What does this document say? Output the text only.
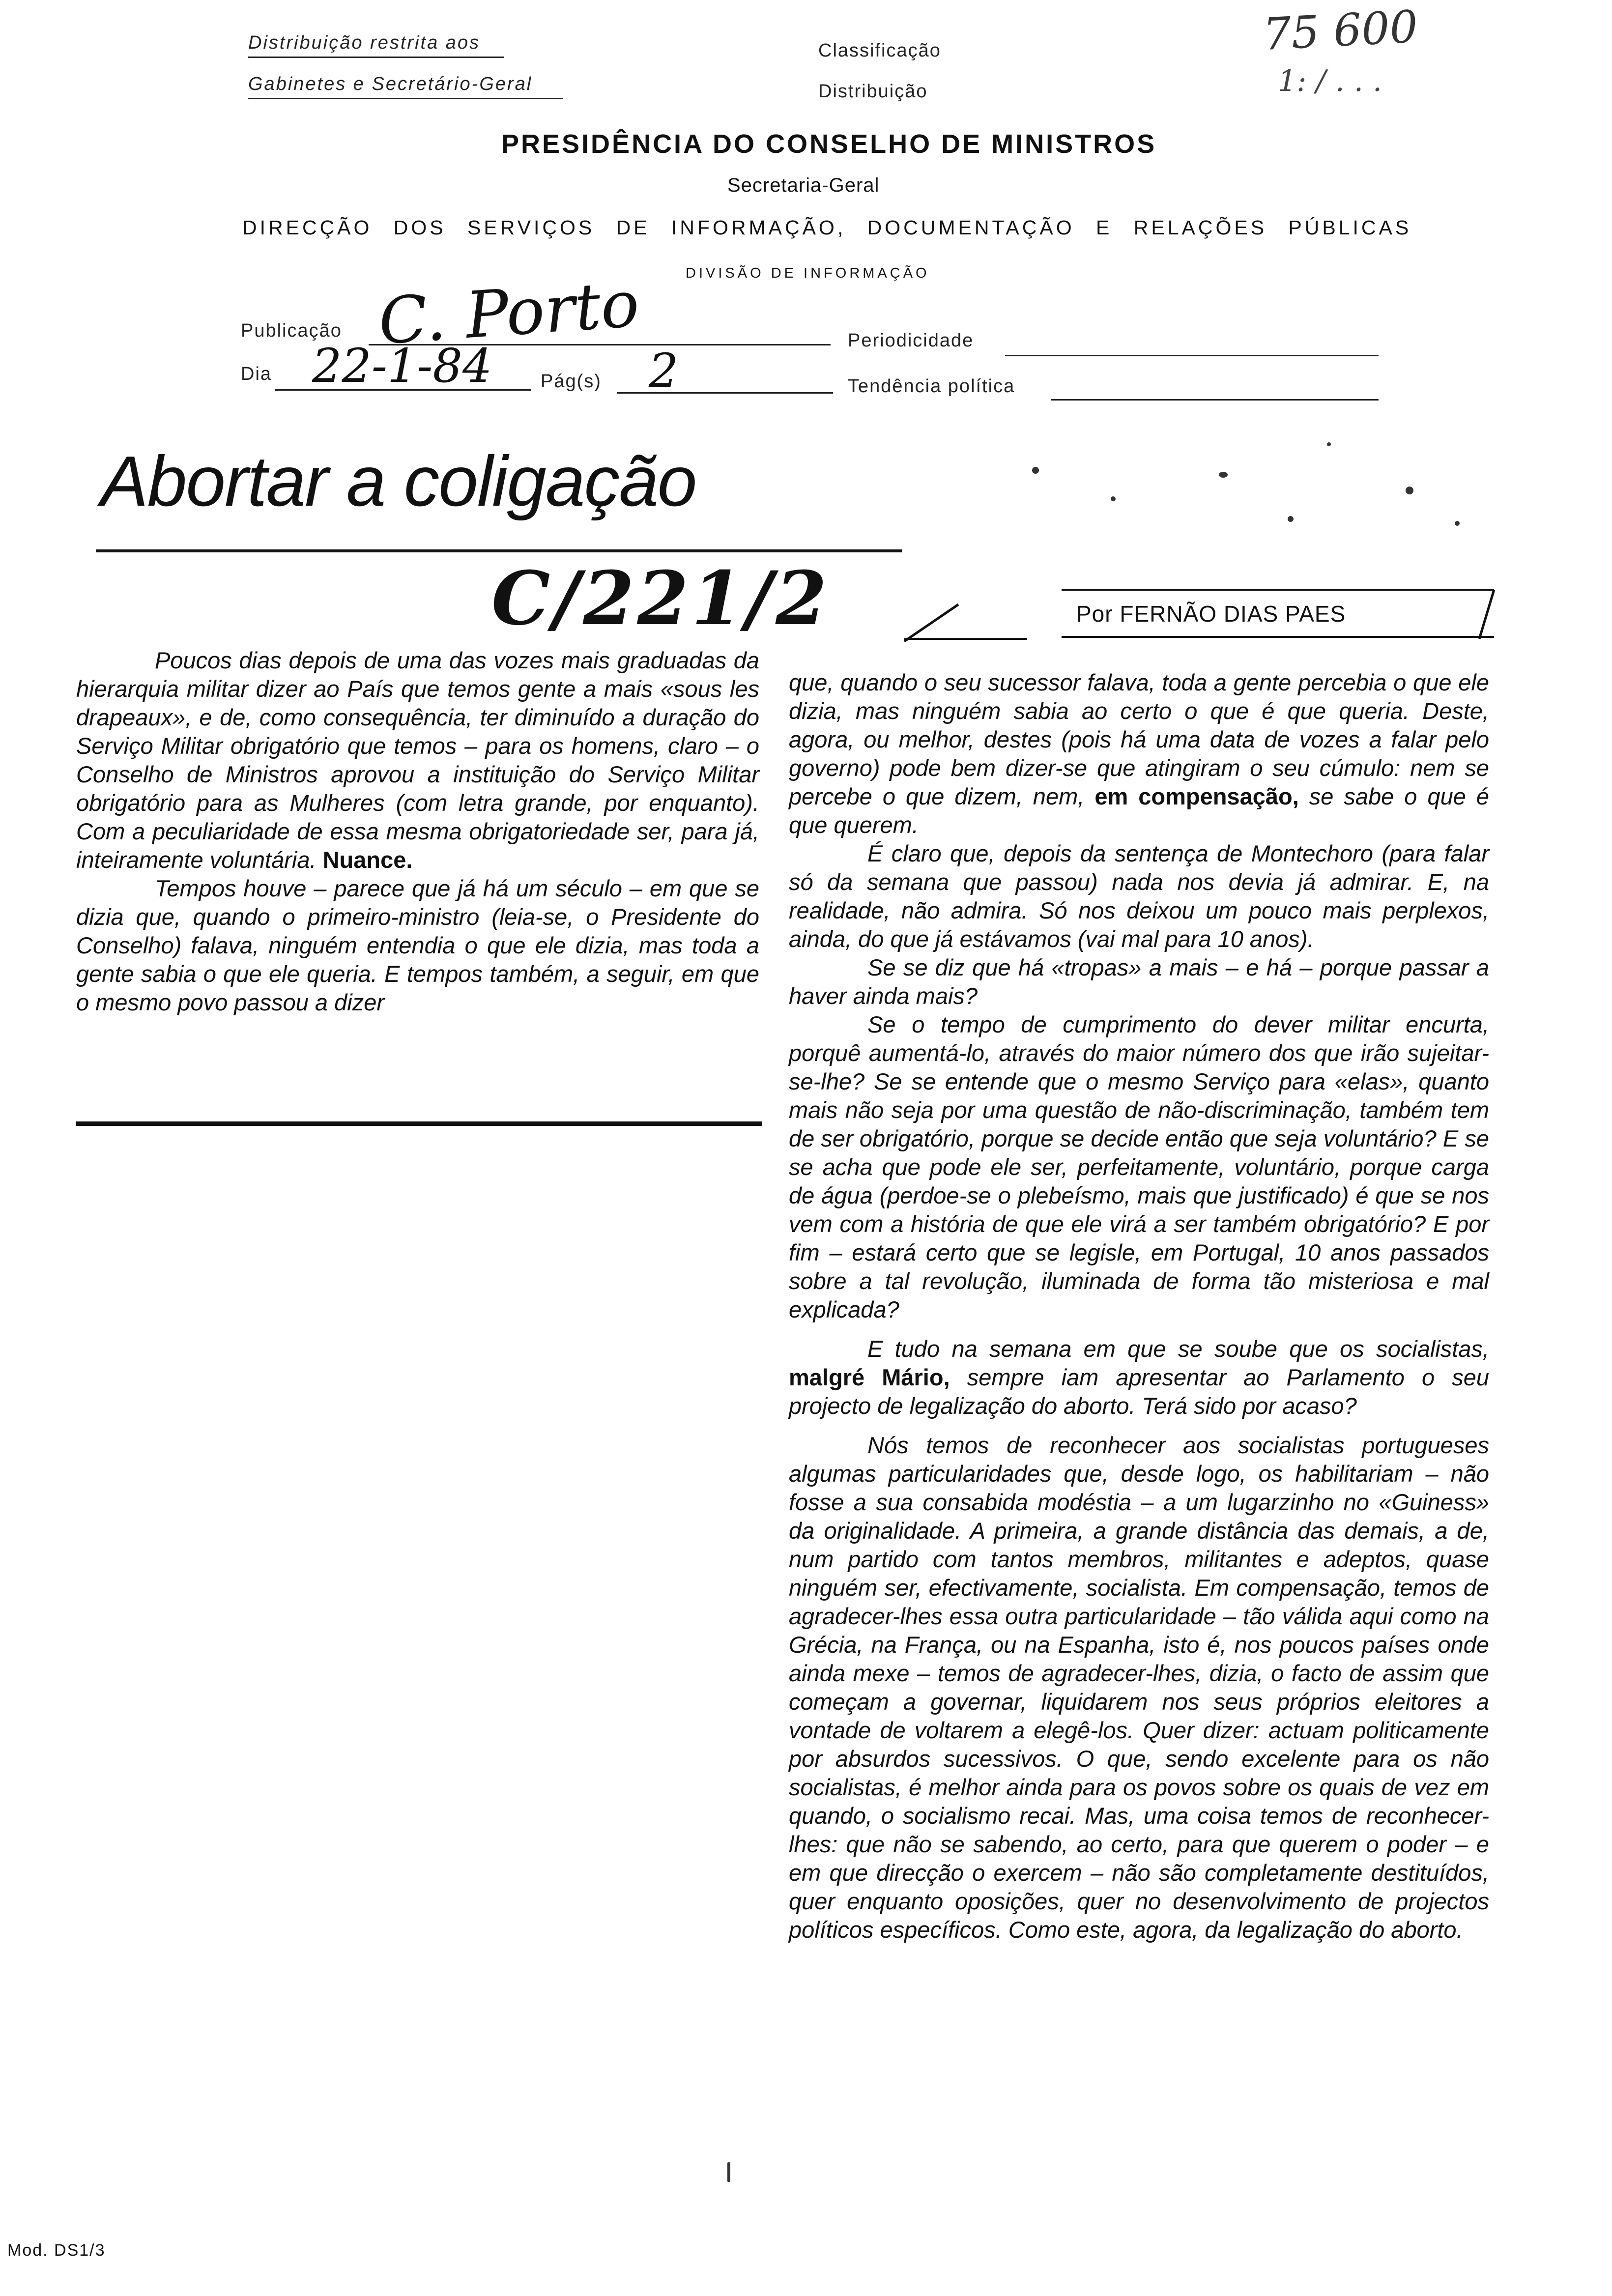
Distribuição restrita aos
Gabinetes e Secretário-Geral
Classificação
Distribuição
75 600
1: / . . .
PRESIDÊNCIA DO CONSELHO DE MINISTROS
Secretaria-Geral
DIRECÇÃO DOS SERVIÇOS DE INFORMAÇÃO, DOCUMENTAÇÃO E RELAÇÕES PÚBLICAS
DIVISÃO DE INFORMAÇÃO
Publicação C. Porto	Periodicidade
Dia 22-1-84	Pág(s) 2	Tendência política
Abortar a coligação
C/221/2	Por FERNÃO DIAS PAES

Poucos dias depois de uma das vozes mais graduadas da hierarquia militar dizer ao País que temos gente a mais «sous les drapeaux», e de, como consequência, ter diminuído a duração do Serviço Militar obrigatório que temos – para os homens, claro – o Conselho de Ministros aprovou a instituição do Serviço Militar obrigatório para as Mulheres (com letra grande, por enquanto). Com a peculiaridade de essa mesma obrigatoriedade ser, para já, inteiramente voluntária. Nuance.

Tempos houve – parece que já há um século – em que se dizia que, quando o primeiro-ministro (leia-se, o Presidente do Conselho) falava, ninguém entendia o que ele dizia, mas toda a gente sabia o que ele queria. E tempos também, a seguir, em que o mesmo povo passou a dizer

que, quando o seu sucessor falava, toda a gente percebia o que ele dizia, mas ninguém sabia ao certo o que é que queria. Deste, agora, ou melhor, destes (pois há uma data de vozes a falar pelo governo) pode bem dizer-se que atingiram o seu cúmulo: nem se percebe o que dizem, nem, em compensação, se sabe o que é que querem.

É claro que, depois da sentença de Montechoro (para falar só da semana que passou) nada nos devia já admirar. E, na realidade, não admira. Só nos deixou um pouco mais perplexos, ainda, do que já estávamos (vai mal para 10 anos).

Se se diz que há «tropas» a mais – e há – porque passar a haver ainda mais?

Se o tempo de cumprimento do dever militar encurta, porquê aumentá-lo, através do maior número dos que irão sujeitar-se-lhe? Se se entende que o mesmo Serviço para «elas», quanto mais não seja por uma questão de não-discriminação, também tem de ser obrigatório, porque se decide então que seja voluntário? E se se acha que pode ele ser, perfeitamente, voluntário, porque carga de água (perdoe-se o plebeísmo, mais que justificado) é que se nos vem com a história de que ele virá a ser também obrigatório? E por fim – estará certo que se legisle, em Portugal, 10 anos passados sobre a tal revolução, iluminada de forma tão misteriosa e mal explicada?

E tudo na semana em que se soube que os socialistas, malgré Mário, sempre iam apresentar ao Parlamento o seu projecto de legalização do aborto. Terá sido por acaso?

Nós temos de reconhecer aos socialistas portugueses algumas particularidades que, desde logo, os habilitariam – não fosse a sua consabida modéstia – a um lugarzinho no «Guiness» da originalidade. A primeira, a grande distância das demais, a de, num partido com tantos membros, militantes e adeptos, quase ninguém ser, efectivamente, socialista. Em compensação, temos de agradecer-lhes essa outra particularidade – tão válida aqui como na Grécia, na França, ou na Espanha, isto é, nos poucos países onde ainda mexe – temos de agradecer-lhes, dizia, o facto de assim que começam a governar, liquidarem nos seus próprios eleitores a vontade de voltarem a elegê-los. Quer dizer: actuam politicamente por absurdos sucessivos. O que, sendo excelente para os não socialistas, é melhor ainda para os povos sobre os quais de vez em quando, o socialismo recai. Mas, uma coisa temos de reconhecer-lhes: que não se sabendo, ao certo, para que querem o poder – e em que direcção o exercem – não são completamente destituídos, quer enquanto oposições, quer no desenvolvimento de projectos políticos específicos. Como este, agora, da legalização do aborto.

Mod. DS1/3
